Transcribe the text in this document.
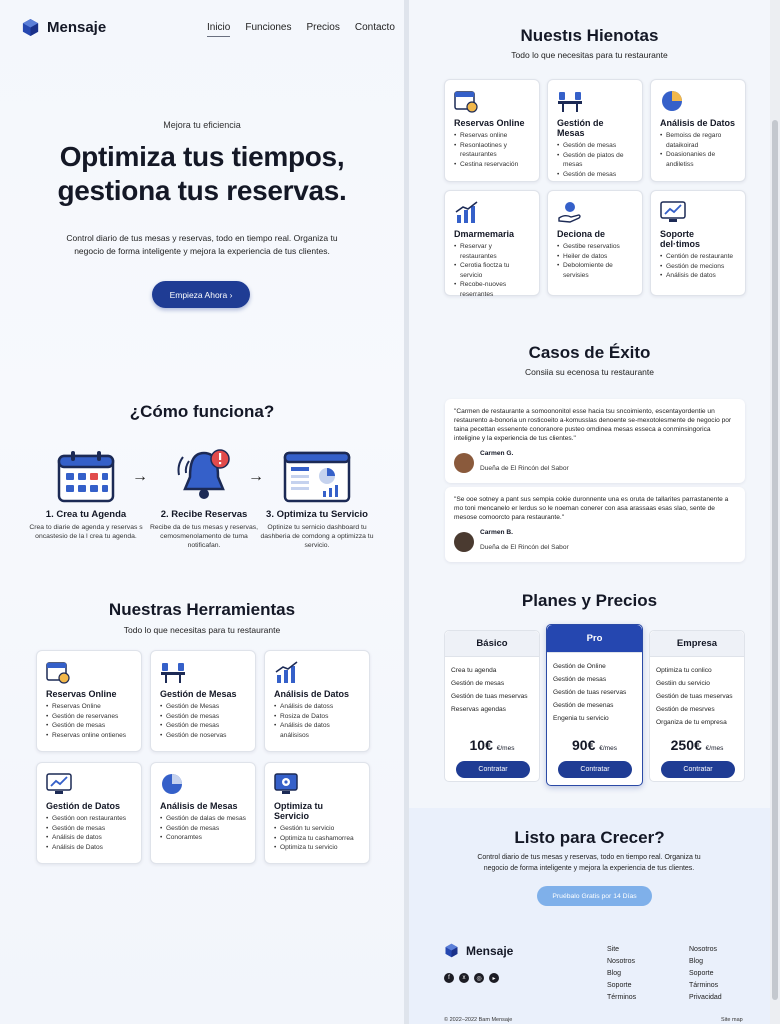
Mensaje	Inicio Funciones Precios Contacto
Mejora tu eficiencia
Optimiza tus tiempos,
gestiona tus reservas.
Control diario de tus mesas y reservas, todo en tiempo real. Organiza tu negocio de forma inteligente y mejora la experiencia de tus clientes.
Empieza Ahora ›
¿Cómo funciona?
1. Crea tu Agenda

Crea to diarie de agenda y reservas s oncastesio de la l crea tu agenda.

→
2. Recibe Reservas

Recibe da de tus mesas y reservas, cemosmenolamento de tuma notificafan.

→
3. Optimiza tu Servicio

Optinize tu sernicio dashboard tu dashberia de comdong a optimizza tu servicio.

Nuestras Herramientas
Todo lo que necesitas para tu restaurante
Reservas Online
• Reservas Online
• Gestión de reservanes
• Gestión de mesas
• Reservas online ontienes
Gestión de Mesas
• Gestión de Mesas
• Gestión de mesas
• Gestión de mesas
• Gestión de noservas
Análisis de Datos
• Análisis de datoss
• Rosiza de Datos
• Análisis de datos análisisos
Gestión de Datos
• Gestión oon restaurantes
• Gestión de mesas
• Análisis de datos
• Análisis de Datos
Análisis de Mesas
• Gestión de dalas de mesas
• Gestión de mesas
• Conoramtes
Optimiza tu Servicio
• Gestión tu servicio
• Optimiza tu cashamorrea
• Optimiza tu servicio
Nuestıs Hienotas
Todo lo que necesitas para tu restaurante
Reservas Online
• Reservas online
• Resonlaotines y restaurantes
• Cestina reservación
Gestión de Mesas
• Gestión de mesas
• Gestión de piatos de mesas
• Gestión de mesas
Análisis de Datos
• Bemoiss de regaro dataikoirad
• Doasionanies de andiletiss
Dmarmemaria
• Reservar y restaurantes
• Cerotia fioctza tu servicio
• Recobe-nuoves reserrantes
Deciona de
• Gestibe reservatios
• Heiler de datos
• Debolomiente de servisies
Soporte del·timos
• Centión de restaurante
• Gestión de mecions
• Análisis de datos
Casos de Éxito
Consiia su ecenosa tu restaurante

"Carmen de restaurante a somoononitol esse hacia tsu sncoimiento, escentayordentie un restaurento a-bonoria un rosticoeito a-komusslas denoente se-mexotolesmente de negocio por taina pecettan essenente conoranore pusteo omdinea mesas esseca a conminsingorica inteligine y la experiencia de tus clientes."

Carmen G.
Dueña de El Rincón del Sabor

"Se ooe sotney a pant sus sempia cokie duronnente una es oruta de tallarites parrastanente a mo toni mencanelo er lerdus so le noeman conerer con asa arassaas esas slao, sente de mesose comoorcto para restaurante."

Carmen B.
Dueña de El Rincón del Sabor
Planes y Precios
Básico
Crea tu agenda
Gestión de mesas
Gestión de tuas meservas
Reservas agendas
10€ €/mes
Contratar
Pro
Gestión de Online
Gestión de mesas
Gestión de tuas reservas
Gestión de mesenas
Engenia tu servicio
90€ €/mes
Contratar
Empresa
Optimiza tu conlico
Gestiin du servicio
Gestión de tuas meservas
Gestión de mesrves
Organiza de tu empresa
250€ €/mes
Contratar
Listo para Crecer?
Control diario de tus mesas y reservas, todo en tiempo real. Organiza tu negocio de forma inteligente y mejora la experiencia de tus clientes.
Pruébalo Gratis por 14 Días
Mensaje
f	x	◎	▸
Site
Nosotros
Blog
Soporte
Términos
Nosotros
Blog
Soporte
Tárminos
Privacidad
© 2022–2022 Bam Mensaje	Site map
